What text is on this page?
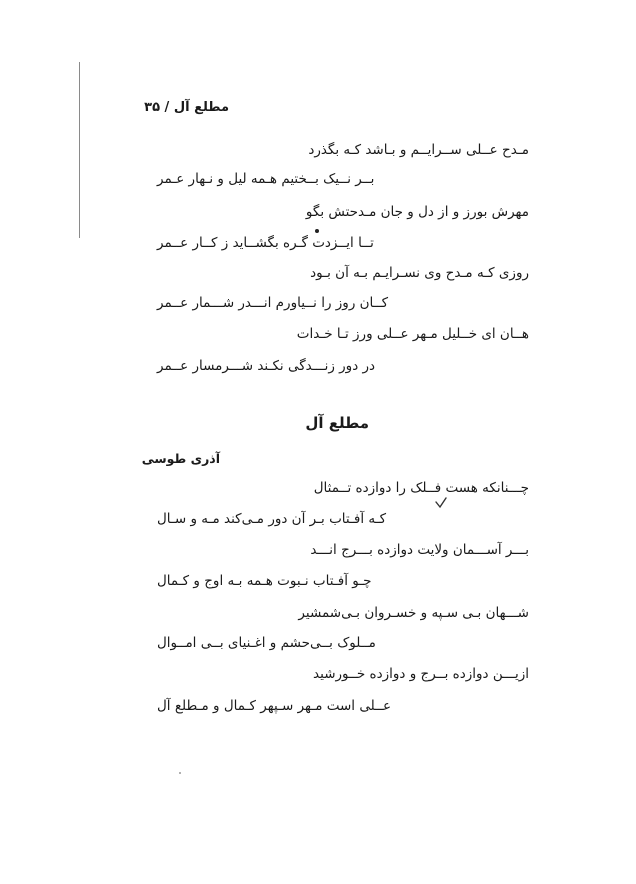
مطلع آل / ۳۵
مـدح عــلی ســرایــم و بـاشد کـه بگذرد
بــر نــیک بــختیم هـمه لیل و نـهار عـمر
مهرش بورز و از دل و جان مـدحتش بگو
تــا ایــزدت گـره بگشــاید ز کــار عــمر
روزی کـه مـدح وی نسـرایـم بـه آن بـود
کــان روز را نــیاورم انـــدر شـــمار عــمر
هــان ای خــلیل مـهر عــلی ورز تـا خـدات
در دور زنـــدگی نکـند شـــرمسار عــمر
مطلع آل
آذری طوسی
چـــنانکه هست فــلک را دوازده تــمثال
کـه آفـتاب بـر آن دور مـی‌کند مـه و سـال
بـــر آســـمان ولایت دوازده بـــرج انـــد
چـو آفـتاب نـبوت هـمه بـه اوج و کـمال
شـــهان بـی سـپه و خسـروان بـی‌شمشیر
مــلوک بــی‌حشم و اغـنیای بــی امــوال
ازیـــن دوازده بــرج و دوازده خــورشید
عــلی است مـهر سـپهر کـمال و مـطلع آل
